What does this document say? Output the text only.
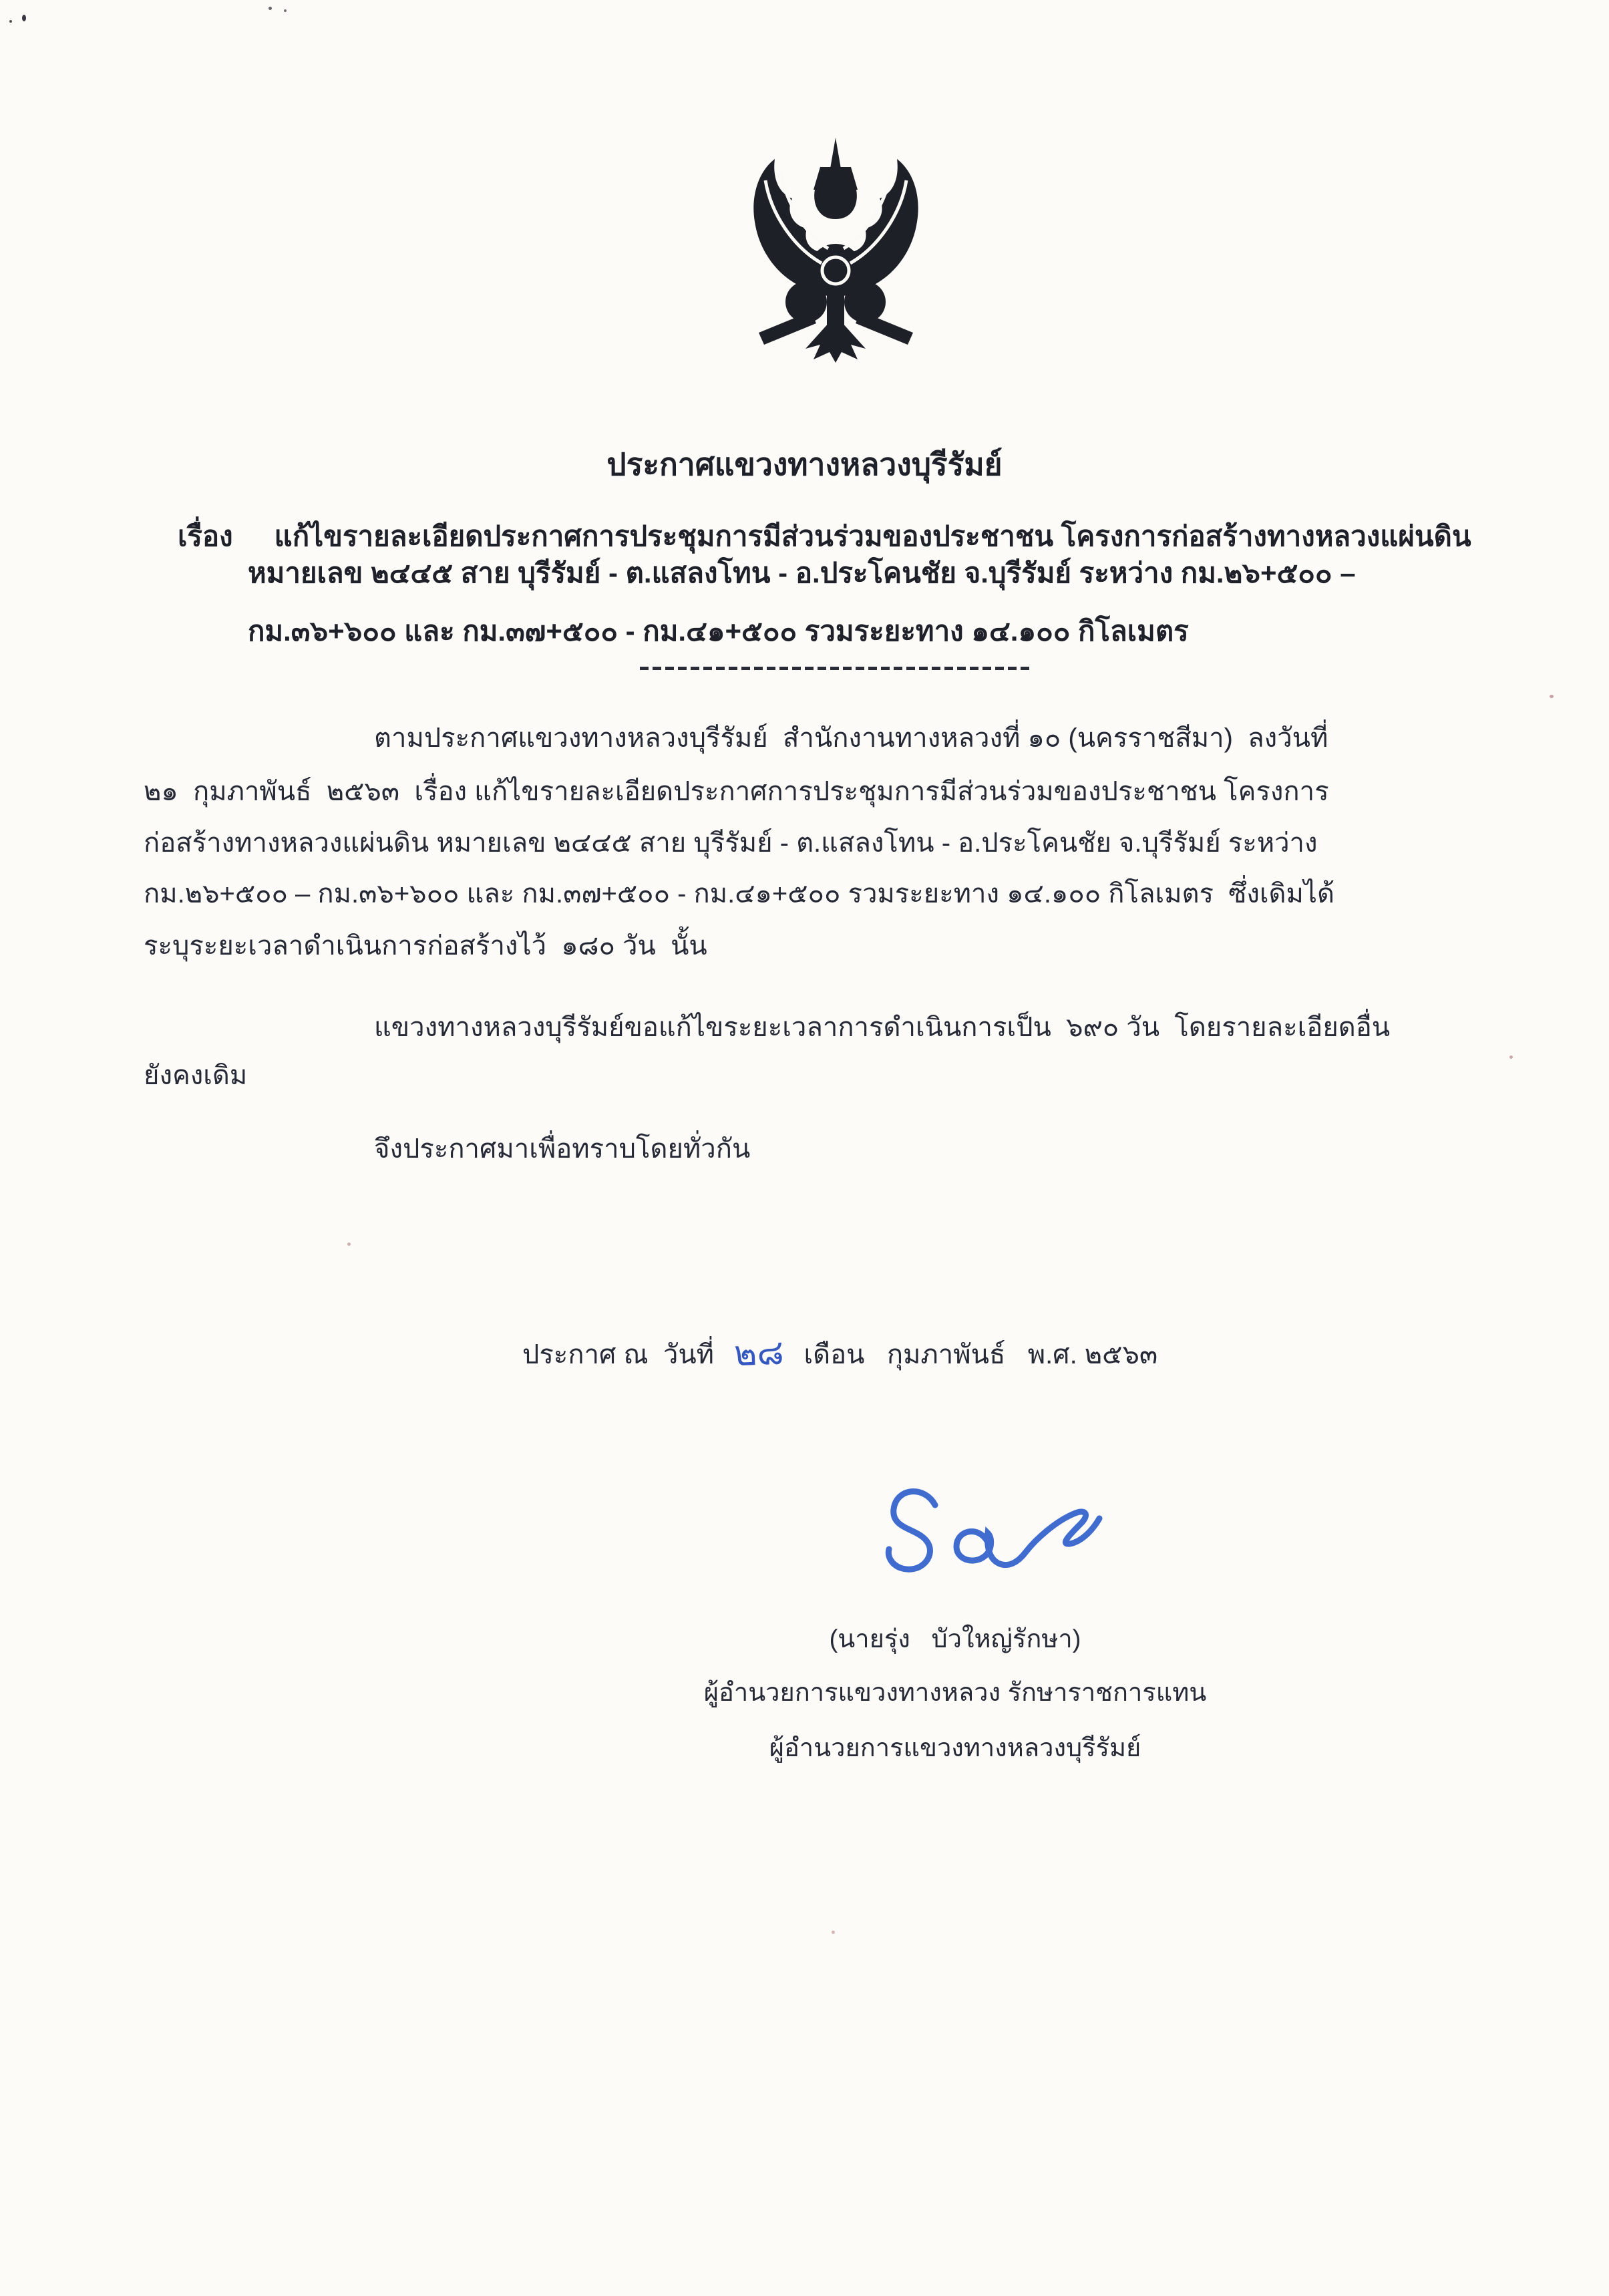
ประกาศแขวงทางหลวงบุรีรัมย์

เรื่อง แก้ไขรายละเอียดประกาศการประชุมการมีส่วนร่วมของประชาชน โครงการก่อสร้างทางหลวงแผ่นดิน

หมายเลข ๒๔๔๕ สาย บุรีรัมย์ - ต.แสลงโทน - อ.ประโคนชัย จ.บุรีรัมย์ ระหว่าง กม.๒๖+๕๐๐ –
กม.๓๖+๖๐๐ และ กม.๓๗+๕๐๐ - กม.๔๑+๕๐๐ รวมระยะทาง ๑๔.๑๐๐ กิโลเมตร
ตามประกาศแขวงทางหลวงบุรีรัมย์  สำนักงานทางหลวงที่ ๑๐ (นครราชสีมา)  ลงวันที่
๒๑  กุมภาพันธ์  ๒๕๖๓  เรื่อง แก้ไขรายละเอียดประกาศการประชุมการมีส่วนร่วมของประชาชน โครงการ
ก่อสร้างทางหลวงแผ่นดิน หมายเลข ๒๔๔๕ สาย บุรีรัมย์ - ต.แสลงโทน - อ.ประโคนชัย จ.บุรีรัมย์ ระหว่าง
กม.๒๖+๕๐๐ – กม.๓๖+๖๐๐ และ กม.๓๗+๕๐๐ - กม.๔๑+๕๐๐ รวมระยะทาง ๑๔.๑๐๐ กิโลเมตร  ซึ่งเดิมได้
ระบุระยะเวลาดำเนินการก่อสร้างไว้  ๑๘๐ วัน  นั้น
แขวงทางหลวงบุรีรัมย์ขอแก้ไขระยะเวลาการดำเนินการเป็น  ๖๙๐ วัน  โดยรายละเอียดอื่น
ยังคงเดิม
จึงประกาศมาเพื่อทราบโดยทั่วกัน
ประกาศ ณ  วันที่ ๒๘ เดือน   กุมภาพันธ์   พ.ศ. ๒๕๖๓
(นายรุ่ง   บัวใหญ่รักษา)
ผู้อำนวยการแขวงทางหลวง รักษาราชการแทน
ผู้อำนวยการแขวงทางหลวงบุรีรัมย์
